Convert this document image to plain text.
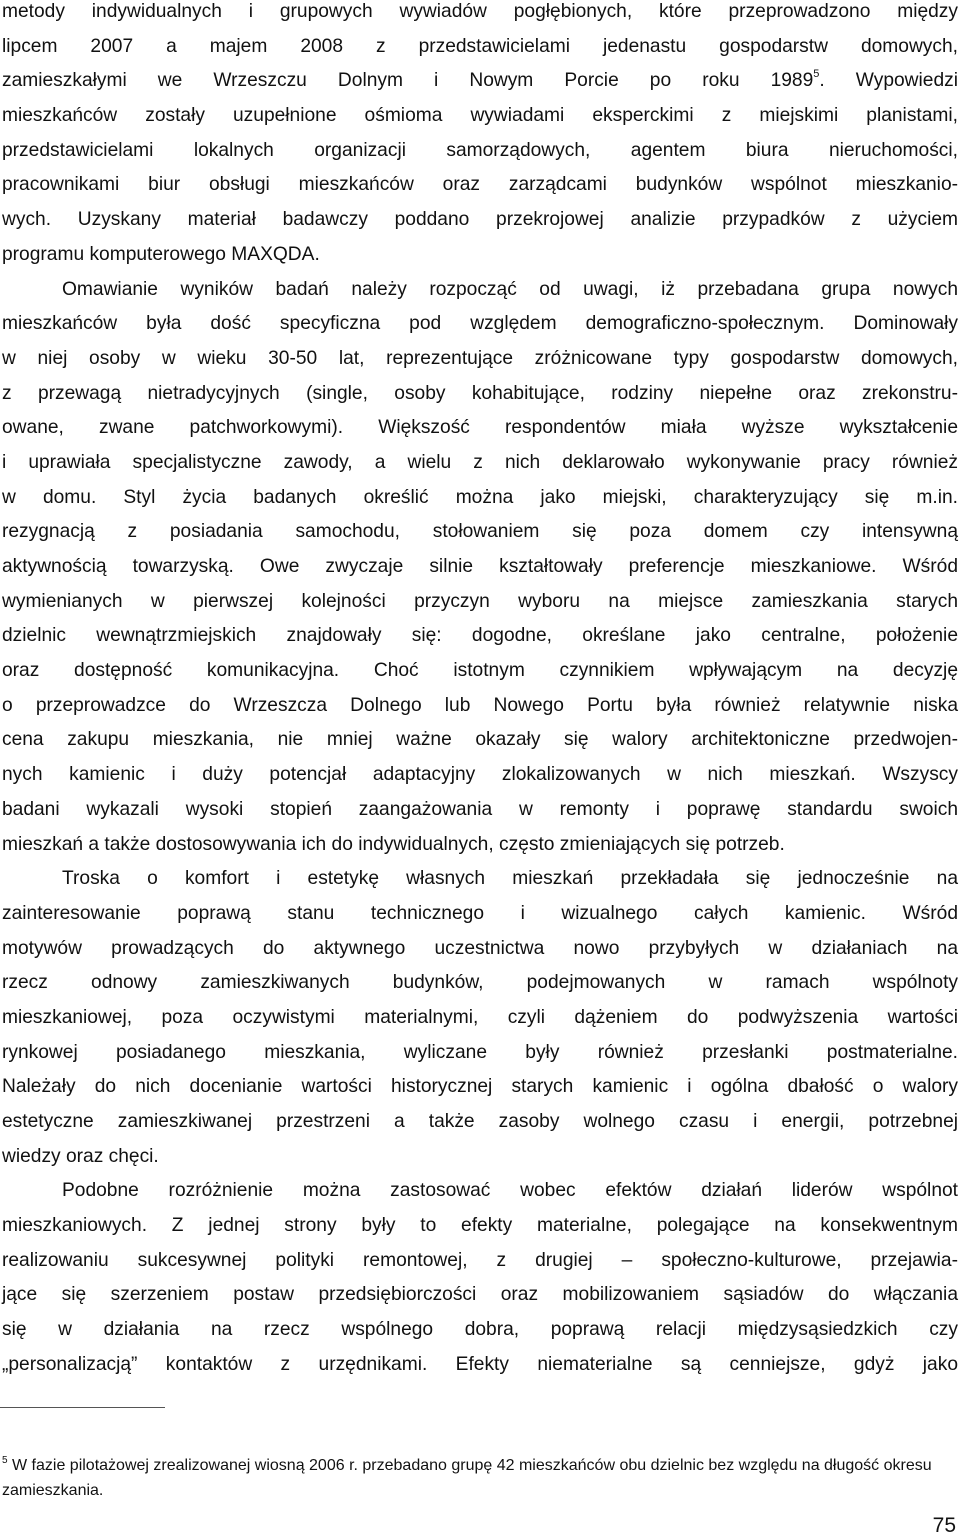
metody indywidualnych i grupowych wywiadów pogłębionych, które przeprowadzono między
lipcem 2007 a majem 2008 z przedstawicielami jedenastu gospodarstw domowych,
zamieszkałymi we Wrzeszczu Dolnym i Nowym Porcie po roku 1989$^5$. Wypowiedzi
mieszkańców zostały uzupełnione ośmioma wywiadami eksperckimi z miejskimi planistami,
przedstawicielami lokalnych organizacji samorządowych, agentem biura nieruchomości,
pracownikami biur obsługi mieszkańców oraz zarządcami budynków wspólnot mieszkanio-
wych. Uzyskany materiał badawczy poddano przekrojowej analizie przypadków z użyciem
programu komputerowego MAXQDA.
Omawianie wyników badań należy rozpocząć od uwagi, iż przebadana grupa nowych
mieszkańców była dość specyficzna pod względem demograficzno-społecznym. Dominowały
w niej osoby w wieku 30-50 lat, reprezentujące zróżnicowane typy gospodarstw domowych,
z przewagą nietradycyjnych (single, osoby kohabitujące, rodziny niepełne oraz zrekonstru-
owane, zwane patchworkowymi). Większość respondentów miała wyższe wykształcenie
i uprawiała specjalistyczne zawody, a wielu z nich deklarowało wykonywanie pracy również
w domu. Styl życia badanych określić można jako miejski, charakteryzujący się m.in.
rezygnacją z posiadania samochodu, stołowaniem się poza domem czy intensywną
aktywnością towarzyską. Owe zwyczaje silnie kształtowały preferencje mieszkaniowe. Wśród
wymienianych w pierwszej kolejności przyczyn wyboru na miejsce zamieszkania starych
dzielnic wewnątrzmiejskich znajdowały się: dogodne, określane jako centralne, położenie
oraz dostępność komunikacyjna. Choć istotnym czynnikiem wpływającym na decyzję
o przeprowadzce do Wrzeszcza Dolnego lub Nowego Portu była również relatywnie niska
cena zakupu mieszkania, nie mniej ważne okazały się walory architektoniczne przedwojen-
nych kamienic i duży potencjał adaptacyjny zlokalizowanych w nich mieszkań. Wszyscy
badani wykazali wysoki stopień zaangażowania w remonty i poprawę standardu swoich
mieszkań a także dostosowywania ich do indywidualnych, często zmieniających się potrzeb.
Troska o komfort i estetykę własnych mieszkań przekładała się jednocześnie na
zainteresowanie poprawą stanu technicznego i wizualnego całych kamienic. Wśród
motywów prowadzących do aktywnego uczestnictwa nowo przybyłych w działaniach na
rzecz odnowy zamieszkiwanych budynków, podejmowanych w ramach wspólnoty
mieszkaniowej, poza oczywistymi materialnymi, czyli dążeniem do podwyższenia wartości
rynkowej posiadanego mieszkania, wyliczane były również przesłanki postmaterialne.
Należały do nich docenianie wartości historycznej starych kamienic i ogólna dbałość o walory
estetyczne zamieszkiwanej przestrzeni a także zasoby wolnego czasu i energii, potrzebnej
wiedzy oraz chęci.
Podobne rozróżnienie można zastosować wobec efektów działań liderów wspólnot
mieszkaniowych. Z jednej strony były to efekty materialne, polegające na konsekwentnym
realizowaniu sukcesywnej polityki remontowej, z drugiej – społeczno-kulturowe, przejawia-
jące się szerzeniem postaw przedsiębiorczości oraz mobilizowaniem sąsiadów do włączania
się w działania na rzecz wspólnego dobra, poprawą relacji międzysąsiedzkich czy
„personalizacją” kontaktów z urzędnikami. Efekty niematerialne są cenniejsze, gdyż jako
$^5$ W fazie pilotażowej zrealizowanej wiosną 2006 r. przebadano grupę 42 mieszkańców obu dzielnic bez względu na długość okresu zamieszkania.
75
